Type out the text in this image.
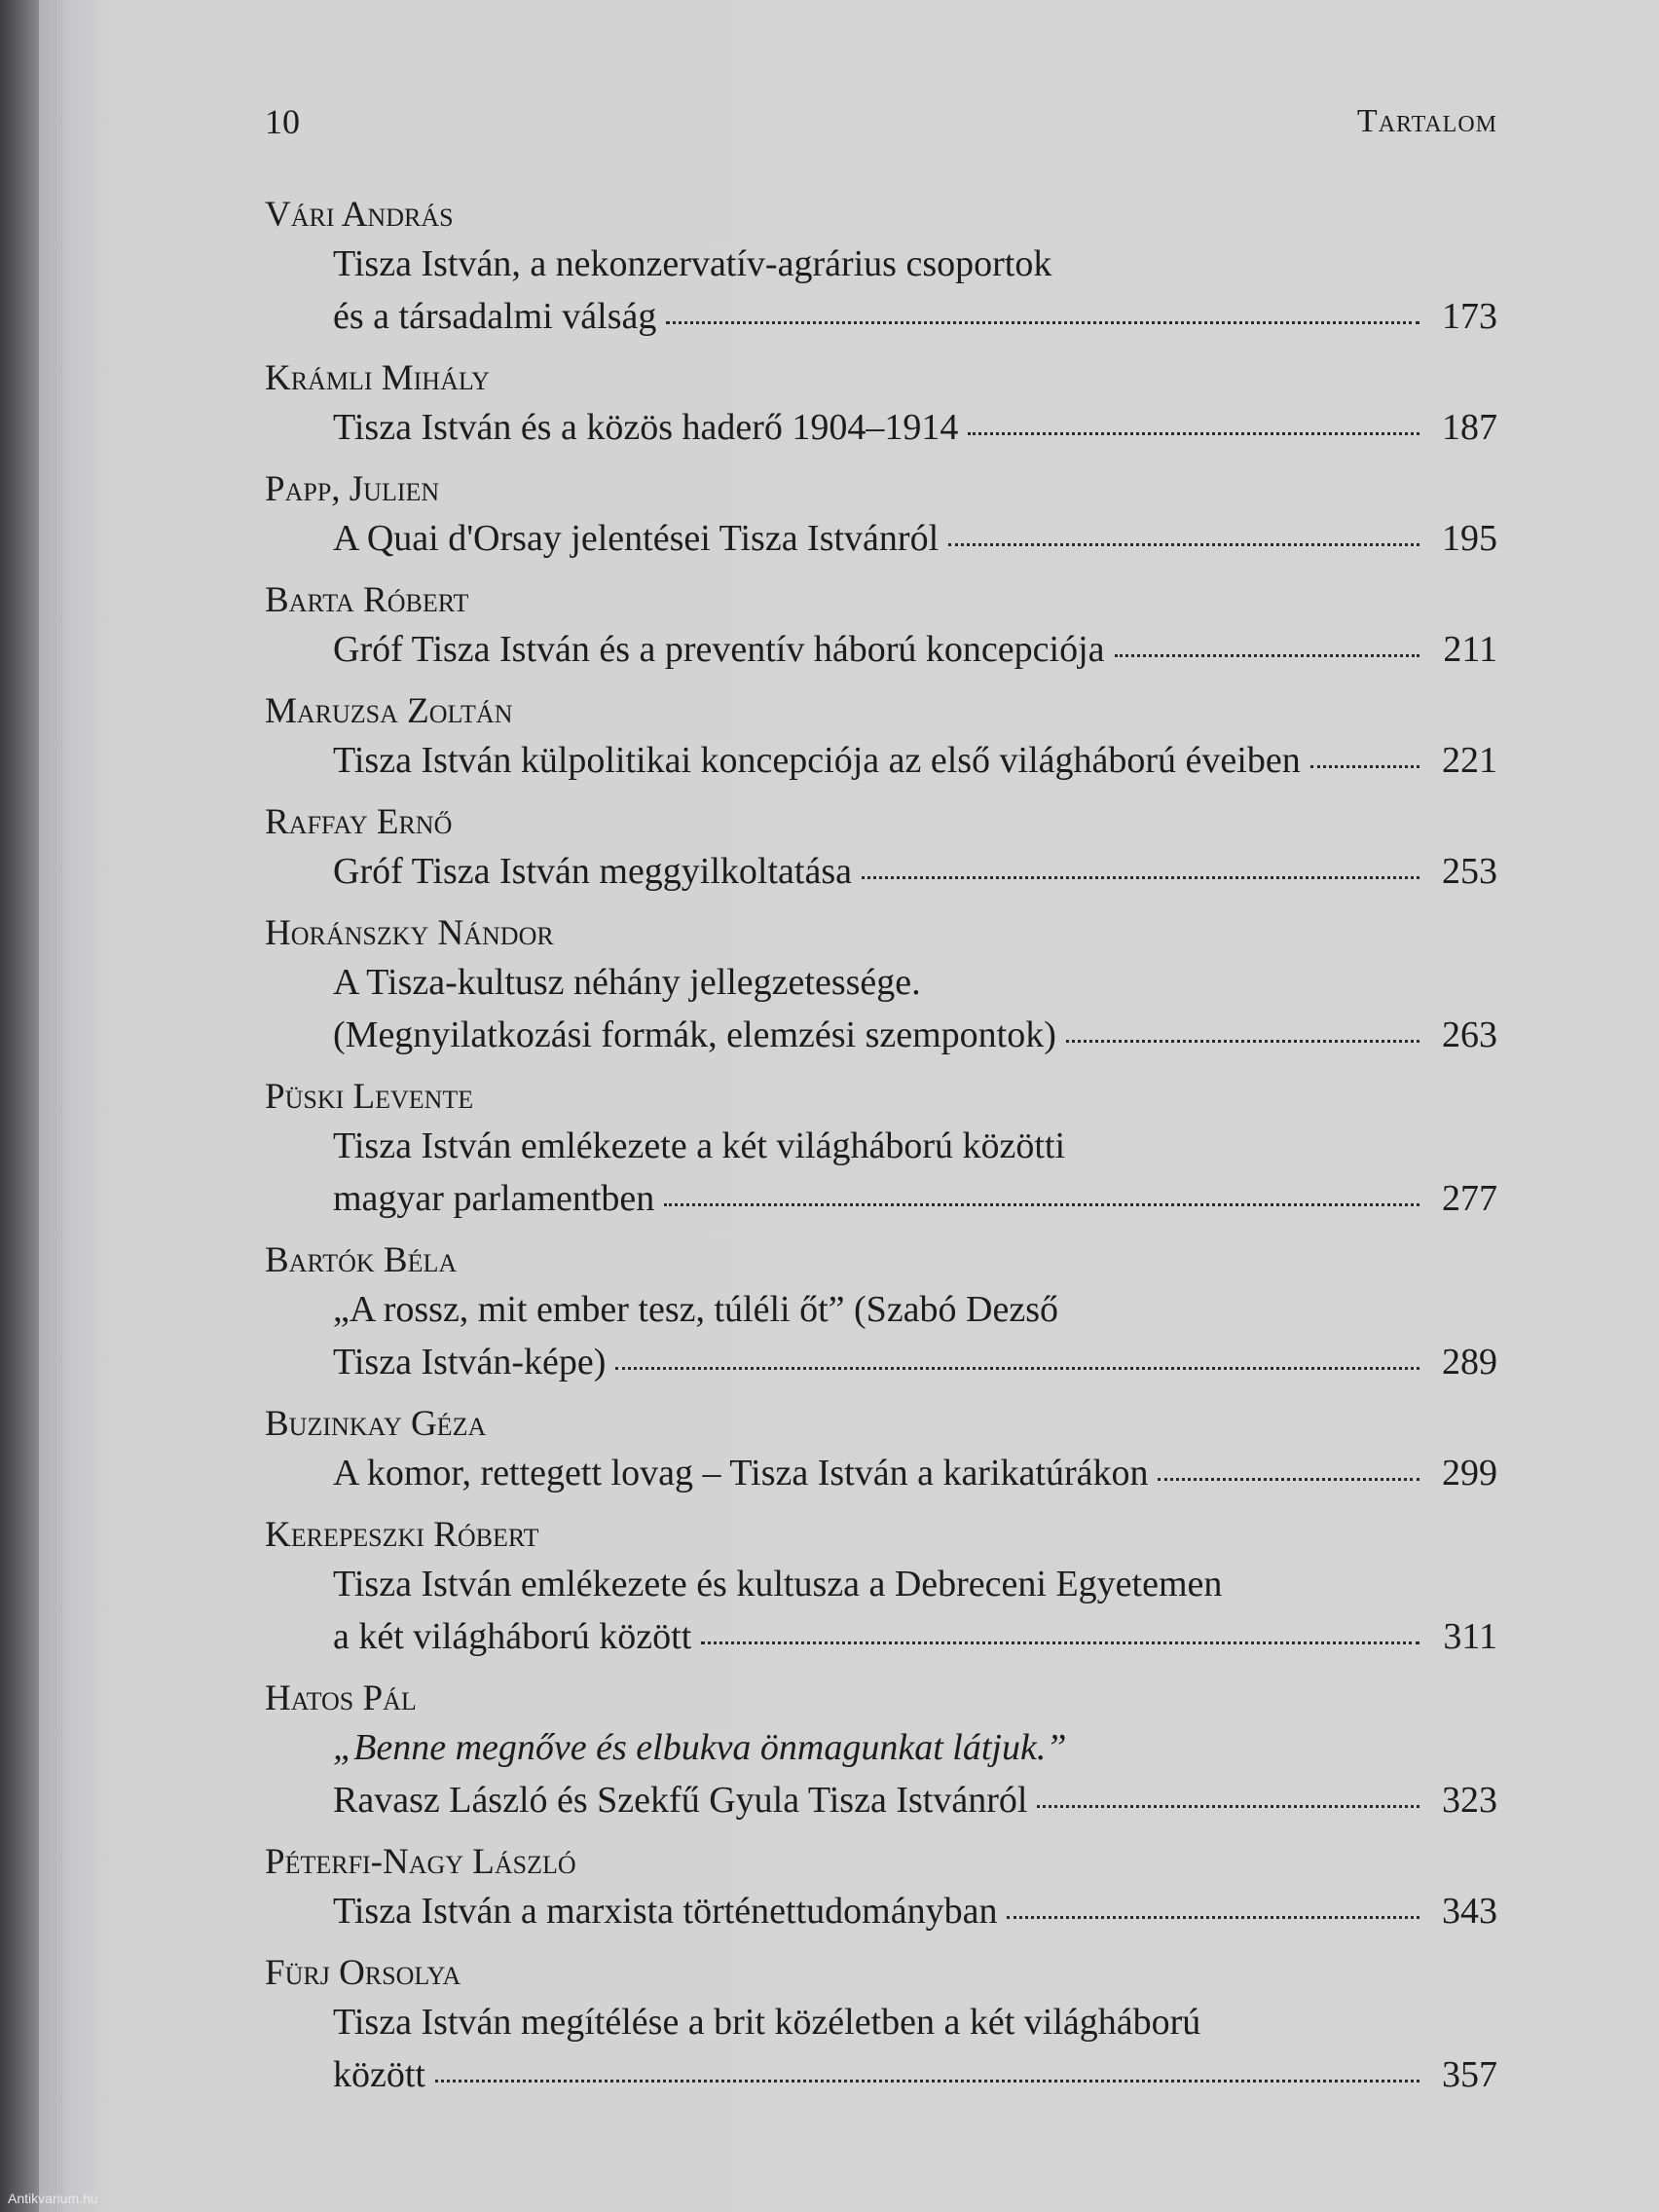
10	Tartalom
Vári András
Tisza István, a nekonzervatív-agrárius csoportok
és a társadalmi válság	173
Krámli Mihály
Tisza István és a közös haderő 1904–1914	187
Papp, Julien
A Quai d'Orsay jelentései Tisza Istvánról	195
Barta Róbert
Gróf Tisza István és a preventív háború koncepciója	211
Maruzsa Zoltán
Tisza István külpolitikai koncepciója az első világháború éveiben	221
Raffay Ernő
Gróf Tisza István meggyilkoltatása	253
Horánszky Nándor
A Tisza-kultusz néhány jellegzetessége.
(Megnyilatkozási formák, elemzési szempontok)	263
Püski Levente
Tisza István emlékezete a két világháború közötti
magyar parlamentben	277
Bartók Béla
„A rossz, mit ember tesz, túléli őt” (Szabó Dezső
Tisza István-képe)	289
Buzinkay Géza
A komor, rettegett lovag – Tisza István a karikatúrákon	299
Kerepeszki Róbert
Tisza István emlékezete és kultusza a Debreceni Egyetemen
a két világháború között	311
Hatos Pál
„Benne megnőve és elbukva önmagunkat látjuk.”
Ravasz László és Szekfű Gyula Tisza Istvánról	323
Péterfi-Nagy László
Tisza István a marxista történettudományban	343
Fürj Orsolya
Tisza István megítélése a brit közéletben a két világháború
között	357
Antikvarium.hu
